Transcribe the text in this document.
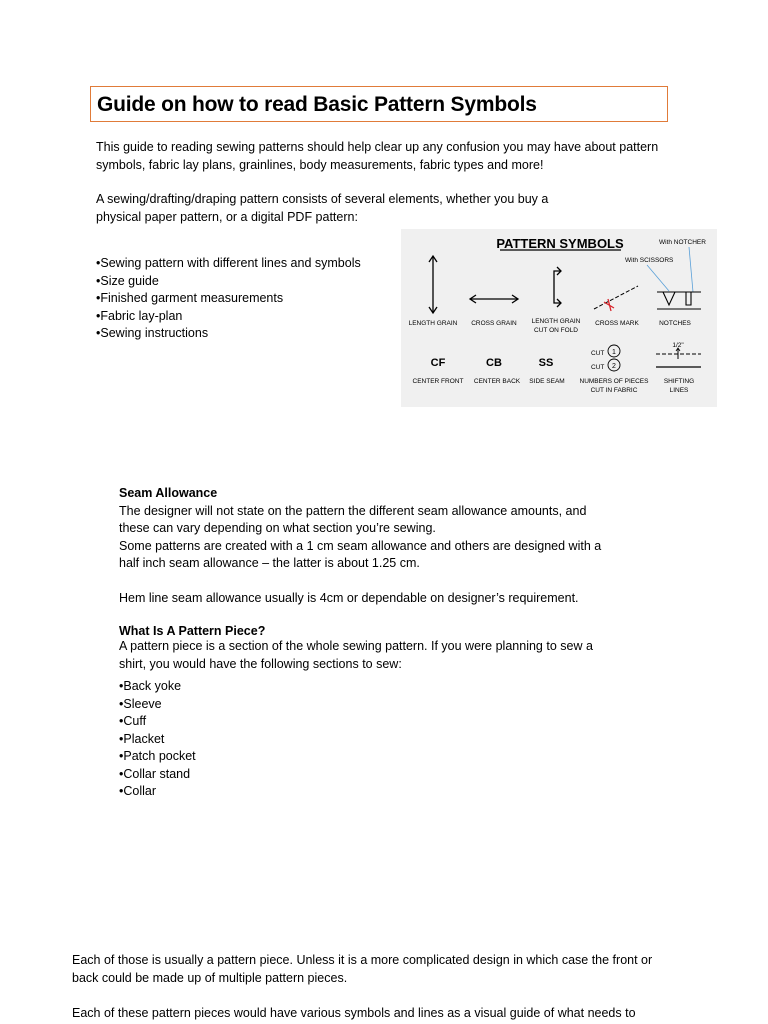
Guide on how to read Basic Pattern Symbols
This guide to reading sewing patterns should help clear up any confusion you may have about pattern
symbols, fabric lay plans, grainlines, body measurements, fabric types and more!
A sewing/drafting/draping pattern consists of several elements, whether you buy a
physical paper pattern, or a digital PDF pattern:
• Sewing pattern with different lines and symbols
• Size guide
• Finished garment measurements
• Fabric lay-plan
• Sewing instructions
PATTERN SYMBOLS	With NOTCHER
With SCISSORS
LENGTH GRAIN CROSS GRAIN LENGTH GRAIN
CUT ON FOLD
CROSS MARK	NOTCHES
CF	CB	SS
CENTER FRONT CENTER BACK SIDE SEAM
CUT 1
CUT 2
NUMBERS OF PIECES
CUT IN FABRIC
1/2"
SHIFTING
LINES
Seam Allowance
The designer will not state on the pattern the different seam allowance amounts, and
these can vary depending on what section you’re sewing.
Some patterns are created with a 1 cm seam allowance and others are designed with a
half inch seam allowance – the latter is about 1.25 cm.
Hem line seam allowance usually is 4cm or dependable on designer’s requirement.
What Is A Pattern Piece?
A pattern piece is a section of the whole sewing pattern. If you were planning to sew a
shirt, you would have the following sections to sew:
• Back yoke
• Sleeve
• Cuff
• Placket
• Patch pocket
• Collar stand
• Collar
Each of those is usually a pattern piece. Unless it is a more complicated design in which case the front or
back could be made up of multiple pattern pieces.
Each of these pattern pieces would have various symbols and lines as a visual guide of what needs to
